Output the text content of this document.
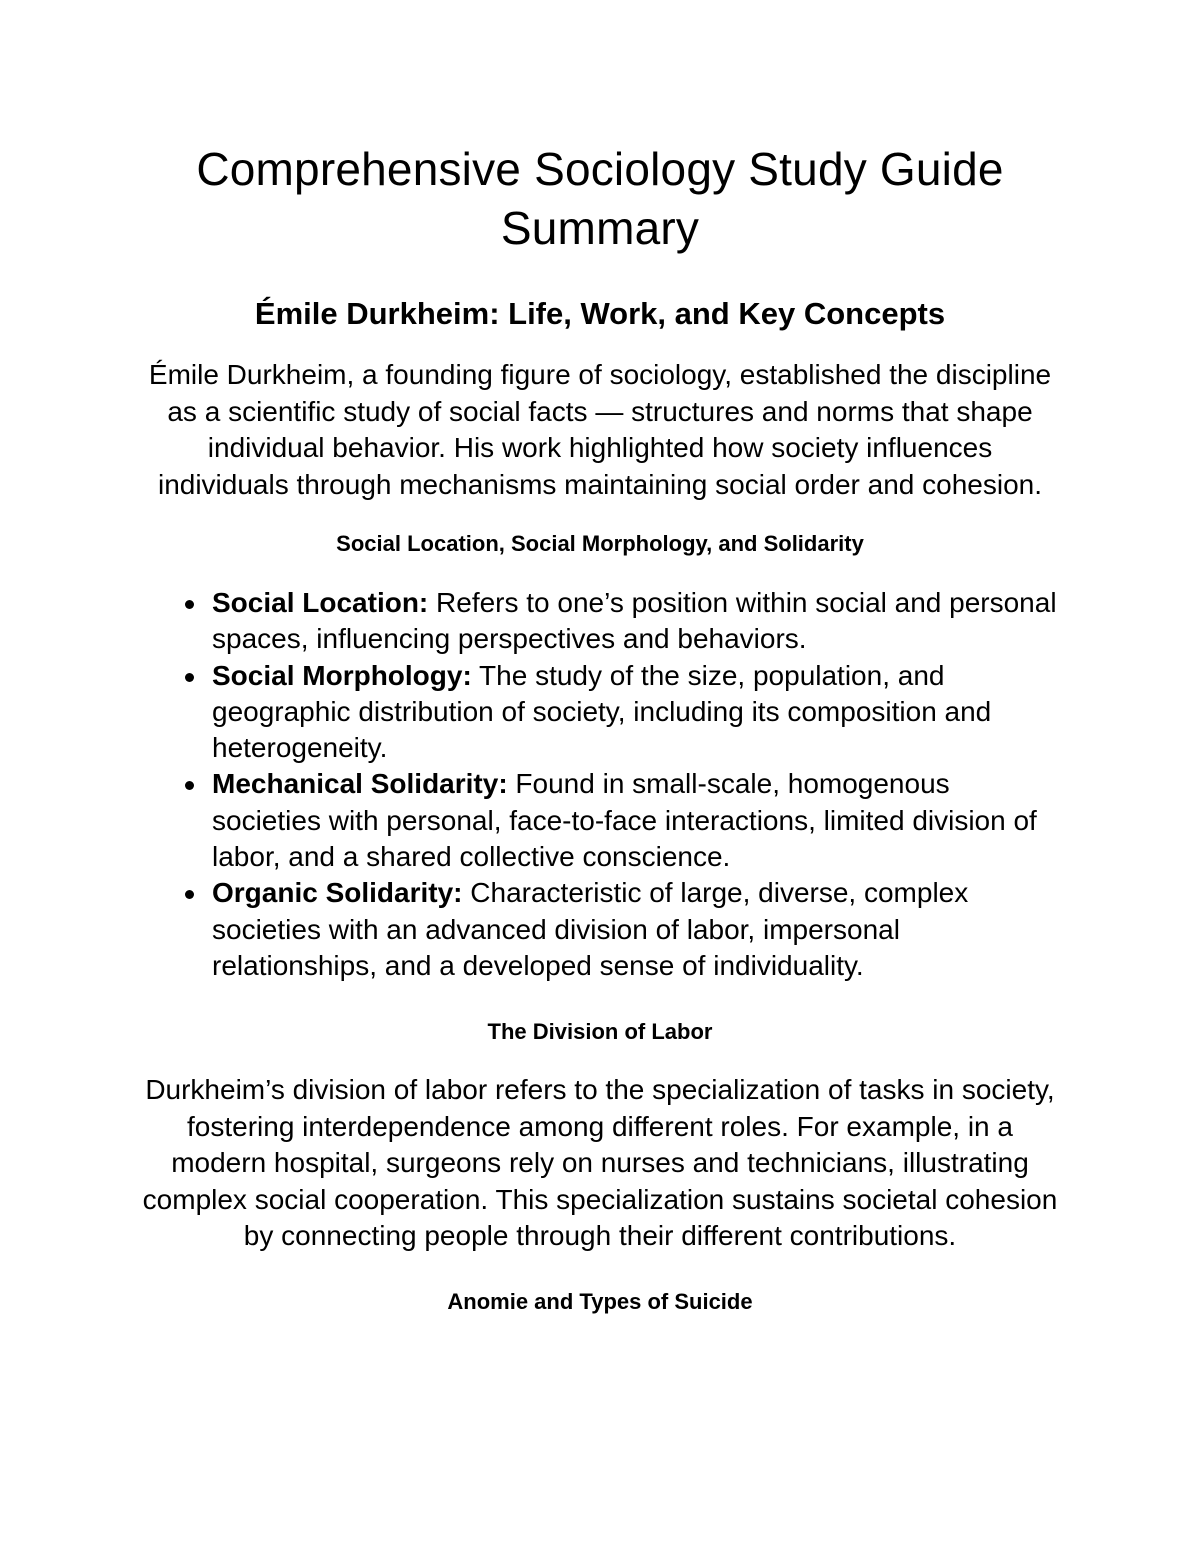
Comprehensive Sociology Study Guide
Summary
Émile Durkheim: Life, Work, and Key Concepts

Émile Durkheim, a founding figure of sociology, established the discipline as a scientific study of social facts — structures and norms that shape individual behavior. His work highlighted how society influences individuals through mechanisms maintaining social order and cohesion.

Social Location, Social Morphology, and Solidarity
Social Location: Refers to one’s position within social and personal spaces, influencing perspectives and behaviors.
Social Morphology: The study of the size, population, and geographic distribution of society, including its composition and heterogeneity.
Mechanical Solidarity: Found in small-scale, homogenous societies with personal, face-to-face interactions, limited division of labor, and a shared collective conscience.
Organic Solidarity: Characteristic of large, diverse, complex societies with an advanced division of labor, impersonal relationships, and a developed sense of individuality.
The Division of Labor

Durkheim’s division of labor refers to the specialization of tasks in society, fostering interdependence among different roles. For example, in a modern hospital, surgeons rely on nurses and technicians, illustrating complex social cooperation. This specialization sustains societal cohesion by connecting people through their different contributions.

Anomie and Types of Suicide
